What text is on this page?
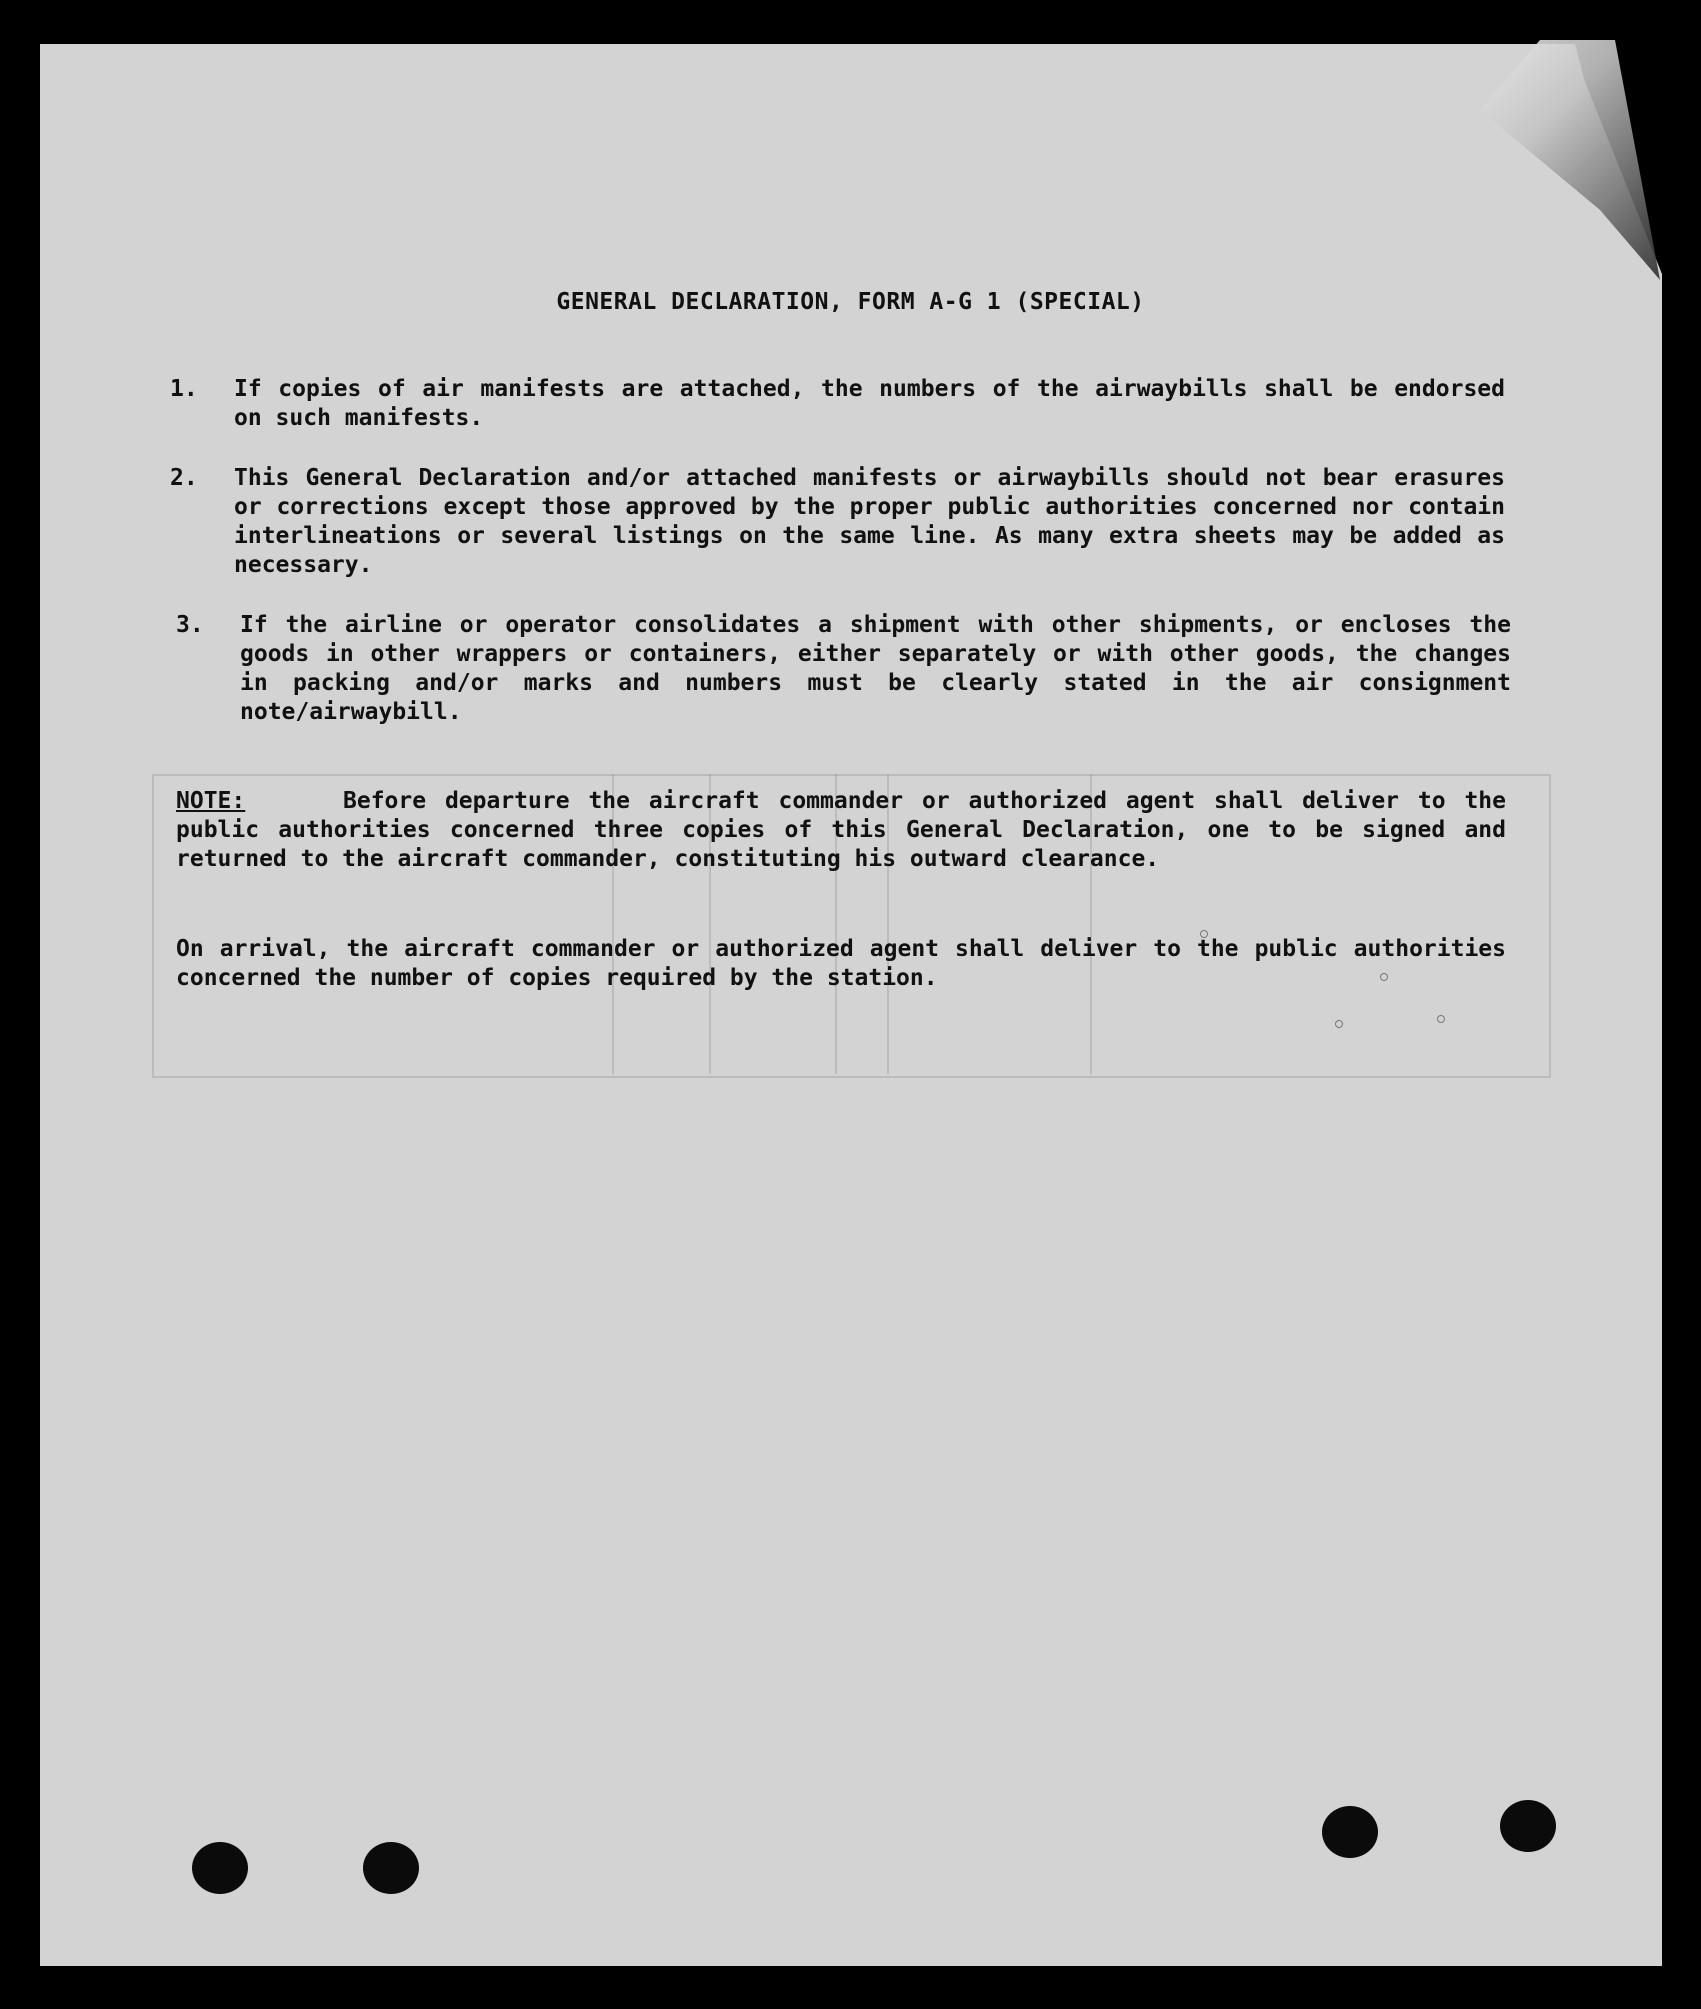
GENERAL DECLARATION, FORM A-G 1 (SPECIAL)
1.	If copies of air manifests are attached, the numbers of the airwaybills shall be endorsed on such manifests.
2.	This General Declaration and/or attached manifests or airwaybills should not bear erasures or corrections except those approved by the proper public authorities concerned nor contain interlineations or several listings on the same line. As many extra sheets may be added as necessary.
3.	If the airline or operator consolidates a shipment with other shipments, or encloses the goods in other wrappers or containers, either separately or with other goods, the changes in packing and/or marks and numbers must be clearly stated in the air consignment note/airwaybill.
NOTE:	Before departure the aircraft commander or authorized agent shall deliver to the public authorities concerned three copies of this General Declaration, one to be signed and returned to the aircraft commander, constituting his outward clearance.
On arrival, the aircraft commander or authorized agent shall deliver to the public authorities concerned the number of copies required by the station.
